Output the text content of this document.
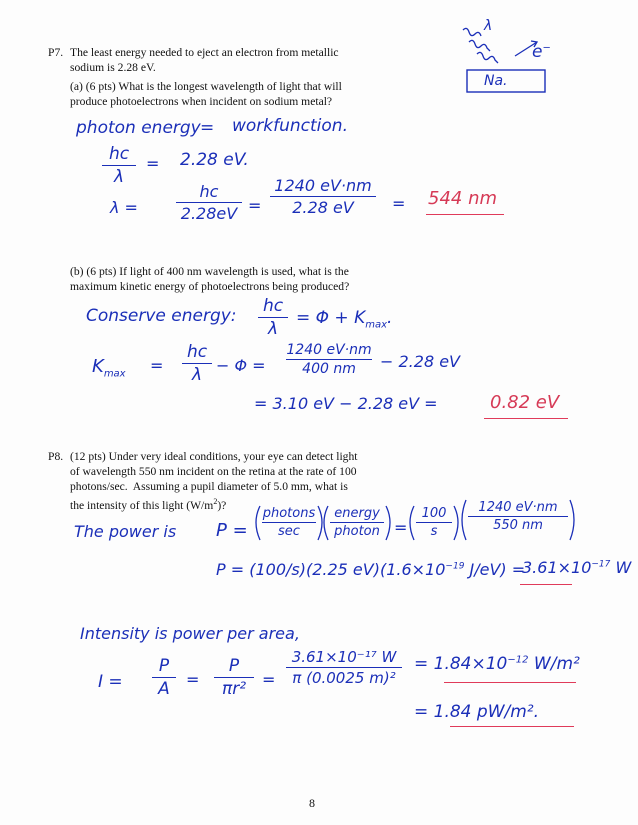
P7. The least energy needed to eject an electron from metallic
sodium is 2.28 eV.
(a) (6 pts) What is the longest wavelength of light that will
produce photoelectrons when incident on sodium metal?
(b) (6 pts) If light of 400 nm wavelength is used, what is the
maximum kinetic energy of photoelectrons being produced?
P8. (12 pts) Under very ideal conditions, your eye can detect light
of wavelength 550 nm incident on the retina at the rate of 100
photons/sec.  Assuming a pupil diameter of 5.0 mm, what is
the intensity of this light $(W/m^2)$?
8
λ
e−
Na.
photon energy = workfunction.
hc
λ
= 2.28 eV.
λ =
hc
2.28eV =
1240 eV·nm
2.28 eV	= 544 nm
Conserve energy: hc
λ
= $\Phi + K_{max}$.
$K_{max}$ =
hc
λ − Φ =
1240 eV·nm
400 nm	− 2.28 eV
= 3.10 eV − 2.28 eV =	0.82 eV
The power is P =
photons
sec
energy
photon =
100
s
1240 eV·nm
550 nm
P = (100/s)(2.25 $eV)(1.6\times 10^{-19}$ J/eV) =
$3.61\times 10^{-17}$ W
Intensity is power per area,
I =
P
A	=
P
πr² =
3.61×10⁻¹⁷ W
π (0.0025 m)²
= $1.84\times 10^{-12}$ W/m²
= 1.84 pW/m².
